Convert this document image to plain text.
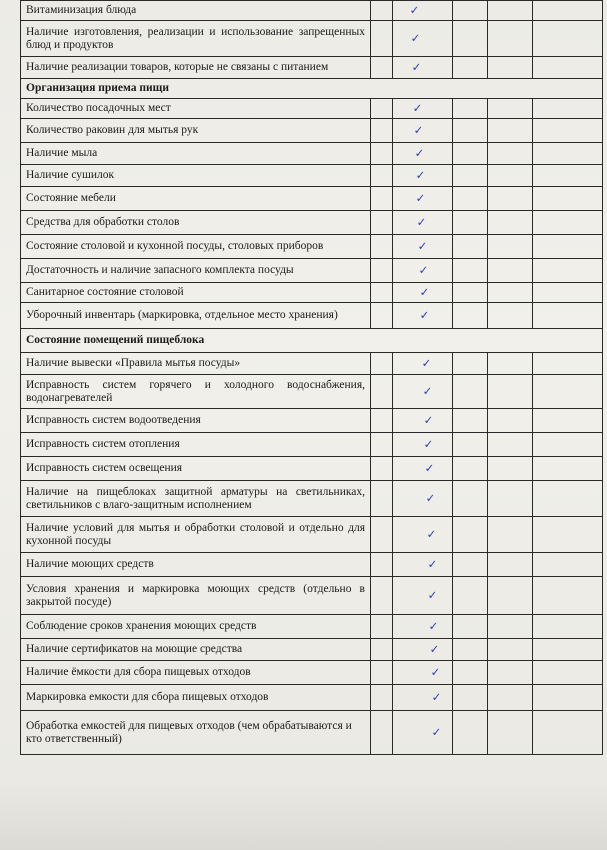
Витаминизация блюда		✓			
Наличие изготовления, реализации и использование запрещенных блюд и продуктов		✓			
Наличие реализации товаров, которые не связаны с питанием		✓			
Организация приема пищи					
Количество посадочных мест		✓			
Количество раковин для мытья рук		✓			
Наличие мыла		✓			
Наличие сушилок		✓			
Состояние мебели		✓			
Средства для обработки столов		✓			
Состояние столовой и кухонной посуды, столовых приборов		✓			
Достаточность и наличие запасного комплекта посуды		✓			
Санитарное состояние столовой		✓			
Уборочный инвентарь (маркировка, отдельное место хранения)		✓			
Состояние помещений пищеблока					
Наличие вывески «Правила мытья посуды»		✓			
Исправность систем горячего и холодного водоснабжения, водонагревателей		✓			
Исправность систем водоотведения		✓			
Исправность систем отопления		✓			
Исправность систем освещения		✓			
Наличие на пищеблоках защитной арматуры на светильниках, светильников с влаго-защитным исполнением		✓			
Наличие условий для мытья и обработки столовой и отдельно для кухонной посуды		✓			
Наличие моющих средств		✓			
Условия хранения и маркировка моющих средств (отдельно в закрытой посуде)		✓			
Соблюдение сроков хранения моющих средств		✓			
Наличие сертификатов на моющие средства		✓			
Наличие ёмкости для сбора пищевых отходов		✓			
Маркировка емкости для сбора пищевых отходов		✓			
Обработка емкостей для пищевых отходов (чем обрабатываются и кто ответственный)		✓			
